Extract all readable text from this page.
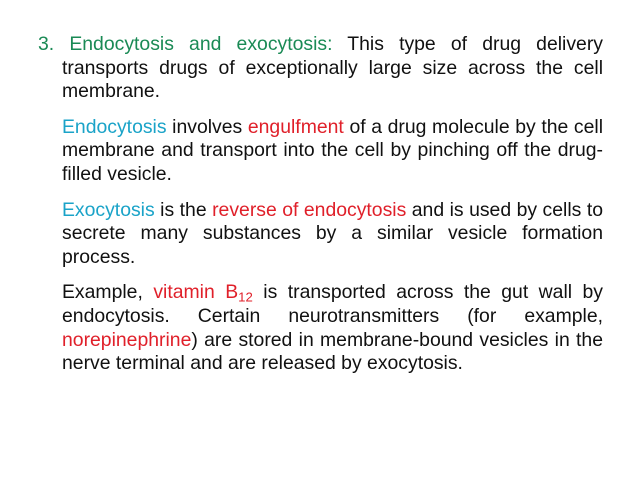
3. Endocytosis and exocytosis: This type of drug delivery transports drugs of exceptionally large size across the cell membrane.

Endocytosis involves engulfment of a drug molecule by the cell membrane and transport into the cell by pinching off the drug-filled vesicle.

Exocytosis is the reverse of endocytosis and is used by cells to secrete many substances by a similar vesicle formation process.

Example, vitamin $B_{12}$ is transported across the gut wall by endocytosis. Certain neurotransmitters (for example, norepinephrine) are stored in membrane-bound vesicles in the nerve terminal and are released by exocytosis.
